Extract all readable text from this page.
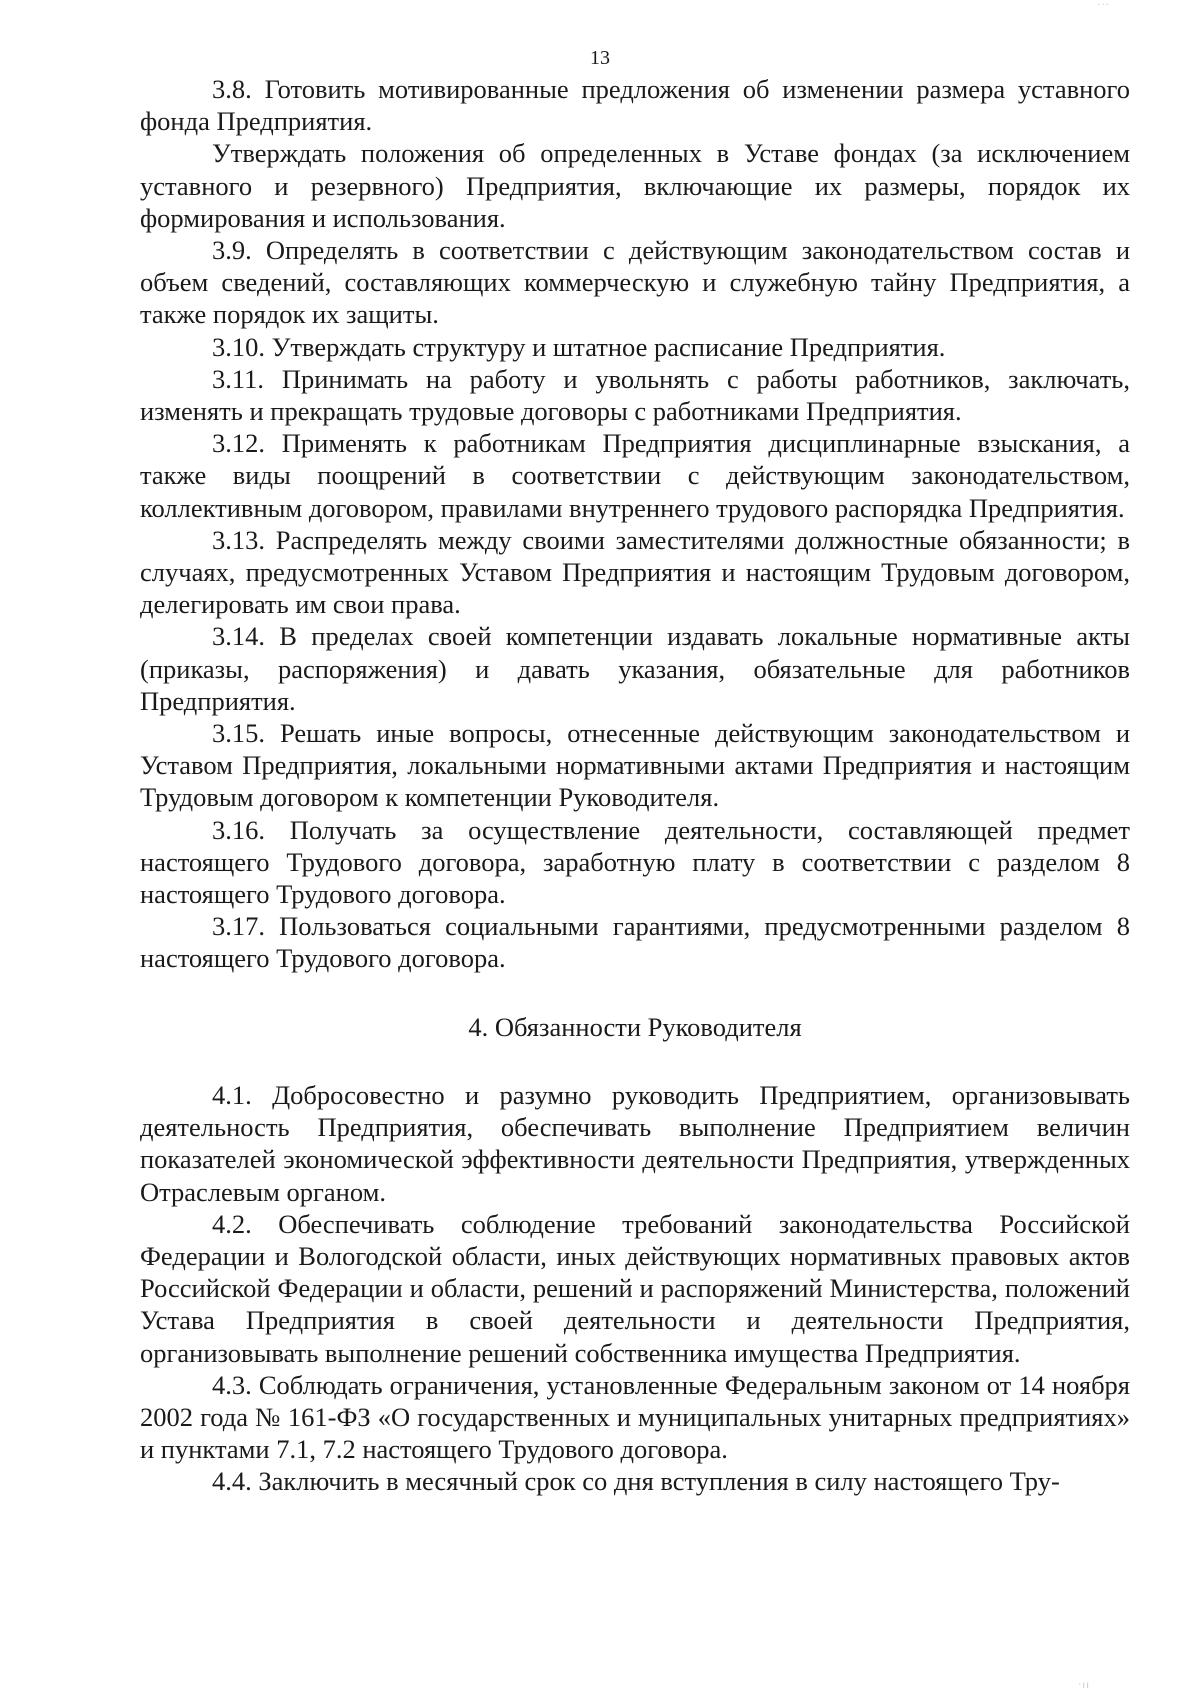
···
13

3.8. Готовить мотивированные предложения об изменении размера уставного фонда Предприятия.

Утверждать положения об определенных в Уставе фондах (за исключением уставного и резервного) Предприятия, включающие их размеры, порядок их формирования и использования.

3.9. Определять в соответствии с действующим законодательством состав и объем сведений, составляющих коммерческую и служебную тайну Предприятия, а также порядок их защиты.

3.10. Утверждать структуру и штатное расписание Предприятия.

3.11. Принимать на работу и увольнять с работы работников, заключать, изменять и прекращать трудовые договоры с работниками Предприятия.

3.12. Применять к работникам Предприятия дисциплинарные взыскания, а также виды поощрений в соответствии с действующим законодательством, коллективным договором, правилами внутреннего трудового распорядка Предприятия.

3.13. Распределять между своими заместителями должностные обязанности; в случаях, предусмотренных Уставом Предприятия и настоящим Трудовым договором, делегировать им свои права.

3.14. В пределах своей компетенции издавать локальные нормативные акты (приказы, распоряжения) и давать указания, обязательные для работников Предприятия.

3.15. Решать иные вопросы, отнесенные действующим законодательством и Уставом Предприятия, локальными нормативными актами Предприятия и настоящим Трудовым договором к компетенции Руководителя.

3.16. Получать за осуществление деятельности, составляющей предмет настоящего Трудового договора, заработную плату в соответствии с разделом 8 настоящего Трудового договора.

3.17. Пользоваться социальными гарантиями, предусмотренными разделом 8 настоящего Трудового договора.

4. Обязанности Руководителя

4.1. Добросовестно и разумно руководить Предприятием, организовывать деятельность Предприятия, обеспечивать выполнение Предприятием величин показателей экономической эффективности деятельности Предприятия, утвержденных Отраслевым органом.

4.2. Обеспечивать соблюдение требований законодательства Российской Федерации и Вологодской области, иных действующих нормативных правовых актов Российской Федерации и области, решений и распоряжений Министерства, положений Устава Предприятия в своей деятельности и деятельности Предприятия, организовывать выполнение решений собственника имущества Предприятия.

4.3. Соблюдать ограничения, установленные Федеральным законом от 14 ноября 2002 года № 161-ФЗ «О государственных и муниципальных унитарных предприятиях» и пунктами 7.1, 7.2 настоящего Трудового договора.

4.4. Заключить в месячный срок со дня вступления в силу настоящего Тру-

·ıı
